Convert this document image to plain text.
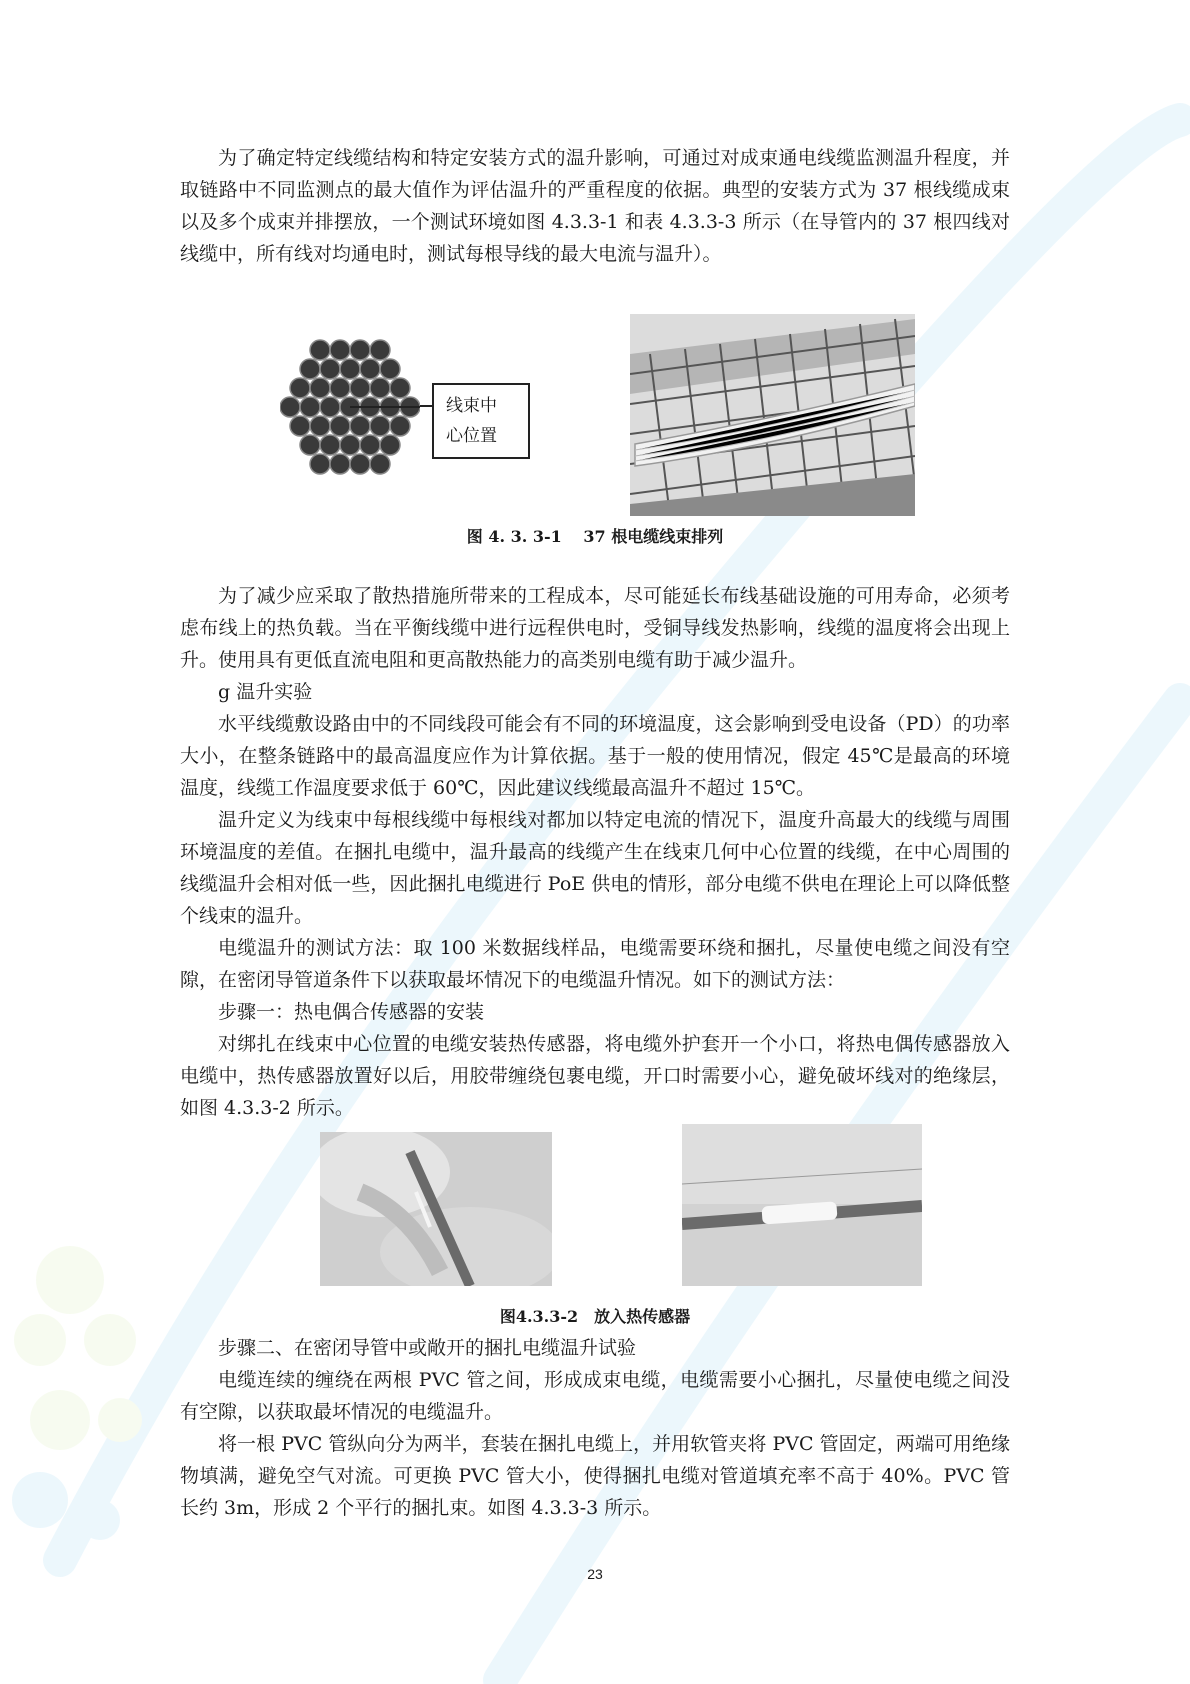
为了确定特定线缆结构和特定安装方式的温升影响，可通过对成束通电线缆监测温升程度，并取链路中不同监测点的最大值作为评估温升的严重程度的依据。典型的安装方式为 37 根线缆成束以及多个成束并排摆放，一个测试环境如图 4.3.3-1 和表 4.3.3-3 所示（在导管内的 37 根四线对线缆中，所有线对均通电时，测试每根导线的最大电流与温升）。

线束中
心位置
图 4. 3. 3-1　 37 根电缆线束排列

为了减少应采取了散热措施所带来的工程成本，尽可能延长布线基础设施的可用寿命，必须考虑布线上的热负载。当在平衡线缆中进行远程供电时，受铜导线发热影响，线缆的温度将会出现上升。使用具有更低直流电阻和更高散热能力的高类别电缆有助于减少温升。

g 温升实验

水平线缆敷设路由中的不同线段可能会有不同的环境温度，这会影响到受电设备（PD）的功率大小，在整条链路中的最高温度应作为计算依据。基于一般的使用情况，假定 45℃是最高的环境温度，线缆工作温度要求低于 60℃，因此建议线缆最高温升不超过 15℃。

温升定义为线束中每根线缆中每根线对都加以特定电流的情况下，温度升高最大的线缆与周围环境温度的差值。在捆扎电缆中，温升最高的线缆产生在线束几何中心位置的线缆，在中心周围的线缆温升会相对低一些，因此捆扎电缆进行 PoE 供电的情形，部分电缆不供电在理论上可以降低整个线束的温升。

电缆温升的测试方法：取 100 米数据线样品，电缆需要环绕和捆扎，尽量使电缆之间没有空隙，在密闭导管道条件下以获取最坏情况下的电缆温升情况。如下的测试方法：

步骤一：热电偶合传感器的安装

对绑扎在线束中心位置的电缆安装热传感器，将电缆外护套开一个小口，将热电偶传感器放入电缆中，热传感器放置好以后，用胶带缠绕包裹电缆，开口时需要小心，避免破坏线对的绝缘层，如图 4.3.3-2 所示。

图4.3.3-2　放入热传感器

步骤二、在密闭导管中或敞开的捆扎电缆温升试验

电缆连续的缠绕在两根 PVC 管之间，形成成束电缆，电缆需要小心捆扎，尽量使电缆之间没有空隙，以获取最坏情况的电缆温升。

将一根 PVC 管纵向分为两半，套装在捆扎电缆上，并用软管夹将 PVC 管固定，两端可用绝缘物填满，避免空气对流。可更换 PVC 管大小，使得捆扎电缆对管道填充率不高于 40%。PVC 管长约 3m，形成 2 个平行的捆扎束。如图 4.3.3-3 所示。

23
